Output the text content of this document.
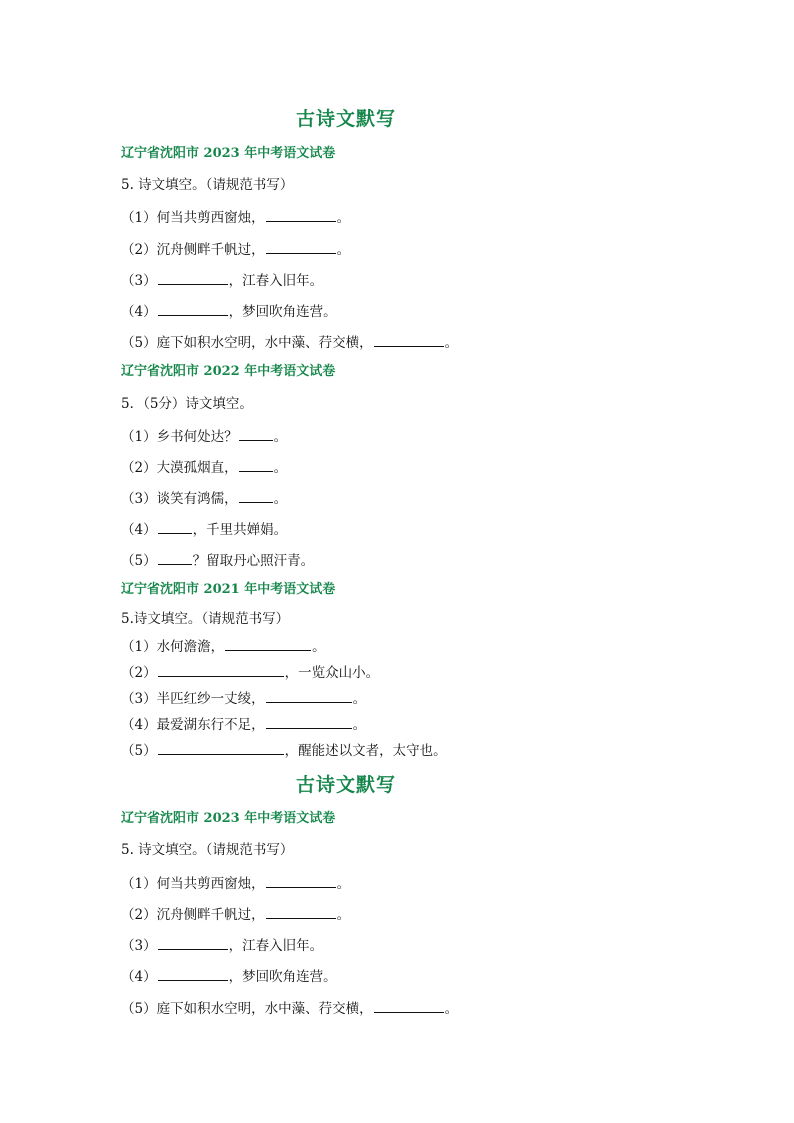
古诗文默写
辽宁省沈阳市 2023 年中考语文试卷
5. 诗文填空。（请规范书写）
（1）何当共剪西窗烛，	。
（2）沉舟侧畔千帆过，	。
（3）	，江春入旧年。
（4）	，梦回吹角连营。
（5）庭下如积水空明，水中藻、荇交横，	。
辽宁省沈阳市 2022 年中考语文试卷
5．（5分）诗文填空。
（1）乡书何处达？	。
（2）大漠孤烟直，	。
（3）谈笑有鸿儒，	。
（4）	，千里共婵娟。
（5）	？留取丹心照汗青。
辽宁省沈阳市 2021 年中考语文试卷
5.诗文填空。（请规范书写）
（1）水何澹澹，	。
（2）	，一览众山小。
（3）半匹红纱一丈绫，	。
（4）最爱湖东行不足，	。
（5）	，醒能述以文者，太守也。
古诗文默写
辽宁省沈阳市 2023 年中考语文试卷
5. 诗文填空。（请规范书写）
（1）何当共剪西窗烛，	。
（2）沉舟侧畔千帆过，	。
（3）	，江春入旧年。
（4）	，梦回吹角连营。
（5）庭下如积水空明，水中藻、荇交横，	。
